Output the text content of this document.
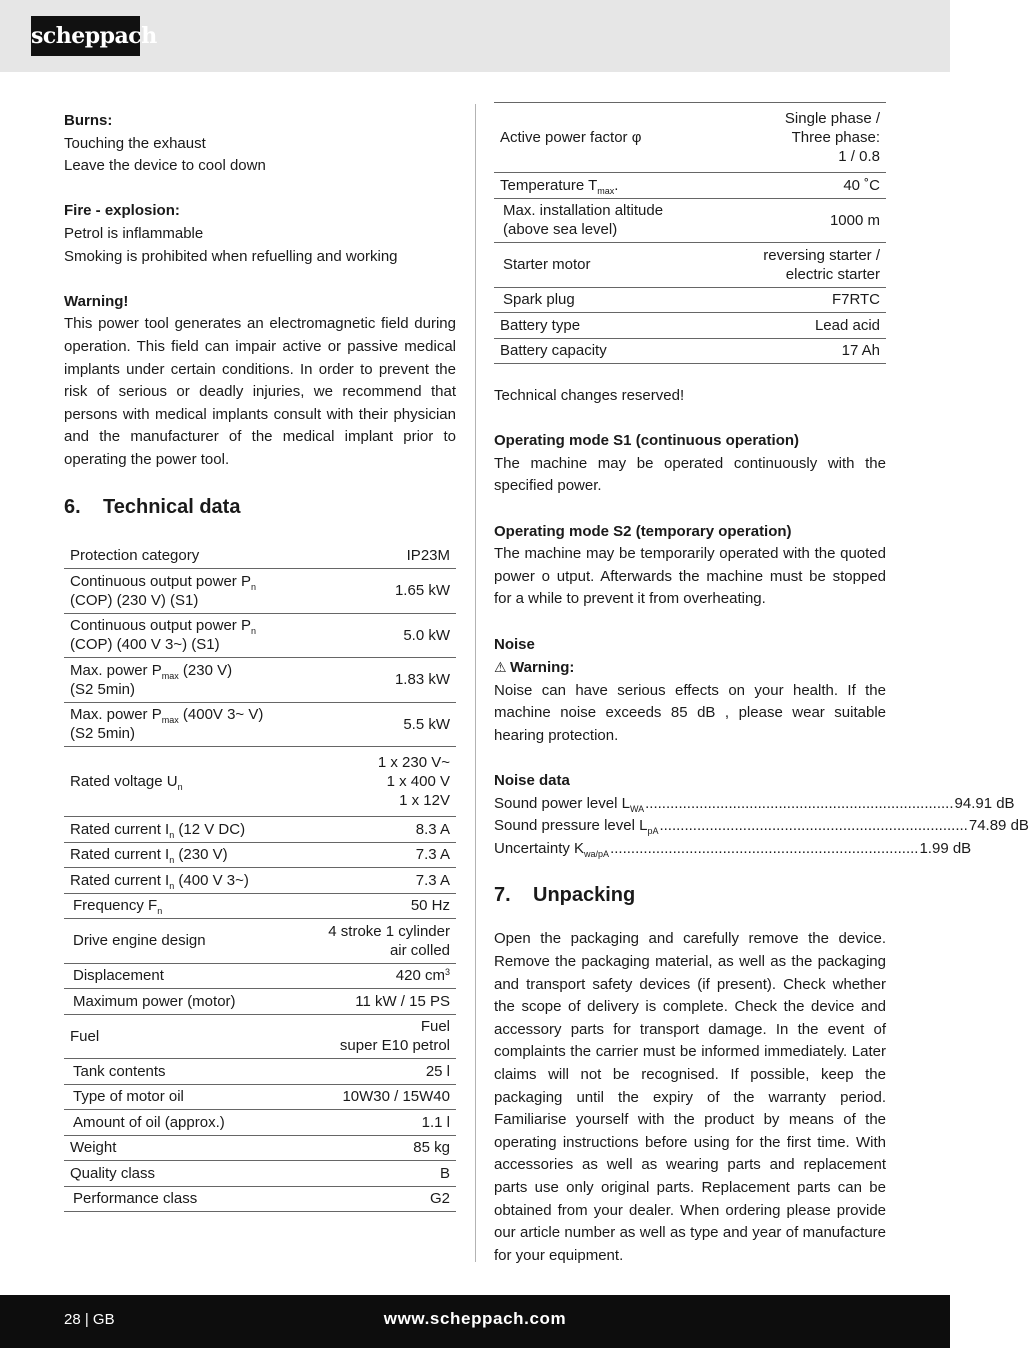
scheppach

Burns:

Touching the exhaust

Leave the device to cool down

Fire - explosion:

Petrol is inflammable

Smoking is prohibited when refuelling and working

Warning!

This power tool generates an electromagnetic field during operation. This field can impair active or passive medical implants under certain conditions. In order to prevent the risk of serious or deadly injuries, we recommend that persons with medical implants consult with their physician and the manufacturer of the medical implant prior to operating the power tool.

6. Technical data
Protection category	IP23M
Continuous output power $P_n$
(COP) (230 V) (S1)	1.65 kW
Continuous output power $P_n$
(COP) (400 V 3~) (S1)	5.0 kW
Max. power $P_{max}$ (230 V)
(S2 5min)	1.83 kW
Max. power $P_{max}$ (400V 3~ V)
(S2 5min)	5.5 kW
Rated voltage $U_n$	1 x 230 V~
1 x 400 V
1 x 12V
Rated current $I_n$ (12 V DC)	8.3 A
Rated current $I_n$ (230 V)	7.3 A
Rated current $I_n$ (400 V 3~)	7.3 A
Frequency $F_n$	50 Hz
Drive engine design	4 stroke 1 cylinder
air colled
Displacement	420 $cm^3$
Maximum power (motor)	11 kW / 15 PS
Fuel	Fuel
super E10 petrol
Tank contents	25 l
Type of motor oil	10W30 / 15W40
Amount of oil (approx.)	1.1 l
Weight	85 kg
Quality class	B
Performance class	G2
Active power factor φ	Single phase /
Three phase:
1 / 0.8
Temperature $T_{max}$.	40 ˚C
Max. installation altitude
(above sea level)	1000 m
Starter motor	reversing starter /
electric starter
Spark plug	F7RTC
Battery type	Lead acid
Battery capacity	17 Ah

Technical changes reserved!

Operating mode S1 (continuous operation)

The machine may be operated continuously with the specified power.

Operating mode S2 (temporary operation)

The machine may be temporarily operated with the quoted power o utput. Afterwards the machine must be stopped for a while to prevent it from overheating.

Noise

⚠ Warning:

Noise can have serious effects on your health. If the machine noise exceeds 85 dB , please wear suitable hearing protection.

Noise data

Sound power level $L_{WA}$ .......................................................................... 94.91 dB
Sound pressure level $L_{pA}$ .......................................................................... 74.89 dB
Uncertainty $K_{wa/pA}$ .......................................................................... 1.99 dB
7. Unpacking

Open the packaging and carefully remove the device. Remove the packaging material, as well as the packaging and transport safety devices (if present). Check whether the scope of delivery is complete. Check the device and accessory parts for transport damage. In the event of complaints the carrier must be informed immediately. Later claims will not be recognised. If possible, keep the packaging until the expiry of the warranty period. Familiarise yourself with the product by means of the operating instructions before using for the first time. With accessories as well as wearing parts and replacement parts use only original parts. Replacement parts can be obtained from your dealer. When ordering please provide our article number as well as type and year of manufacture for your equipment.

28 | GB	www.scheppach.com
